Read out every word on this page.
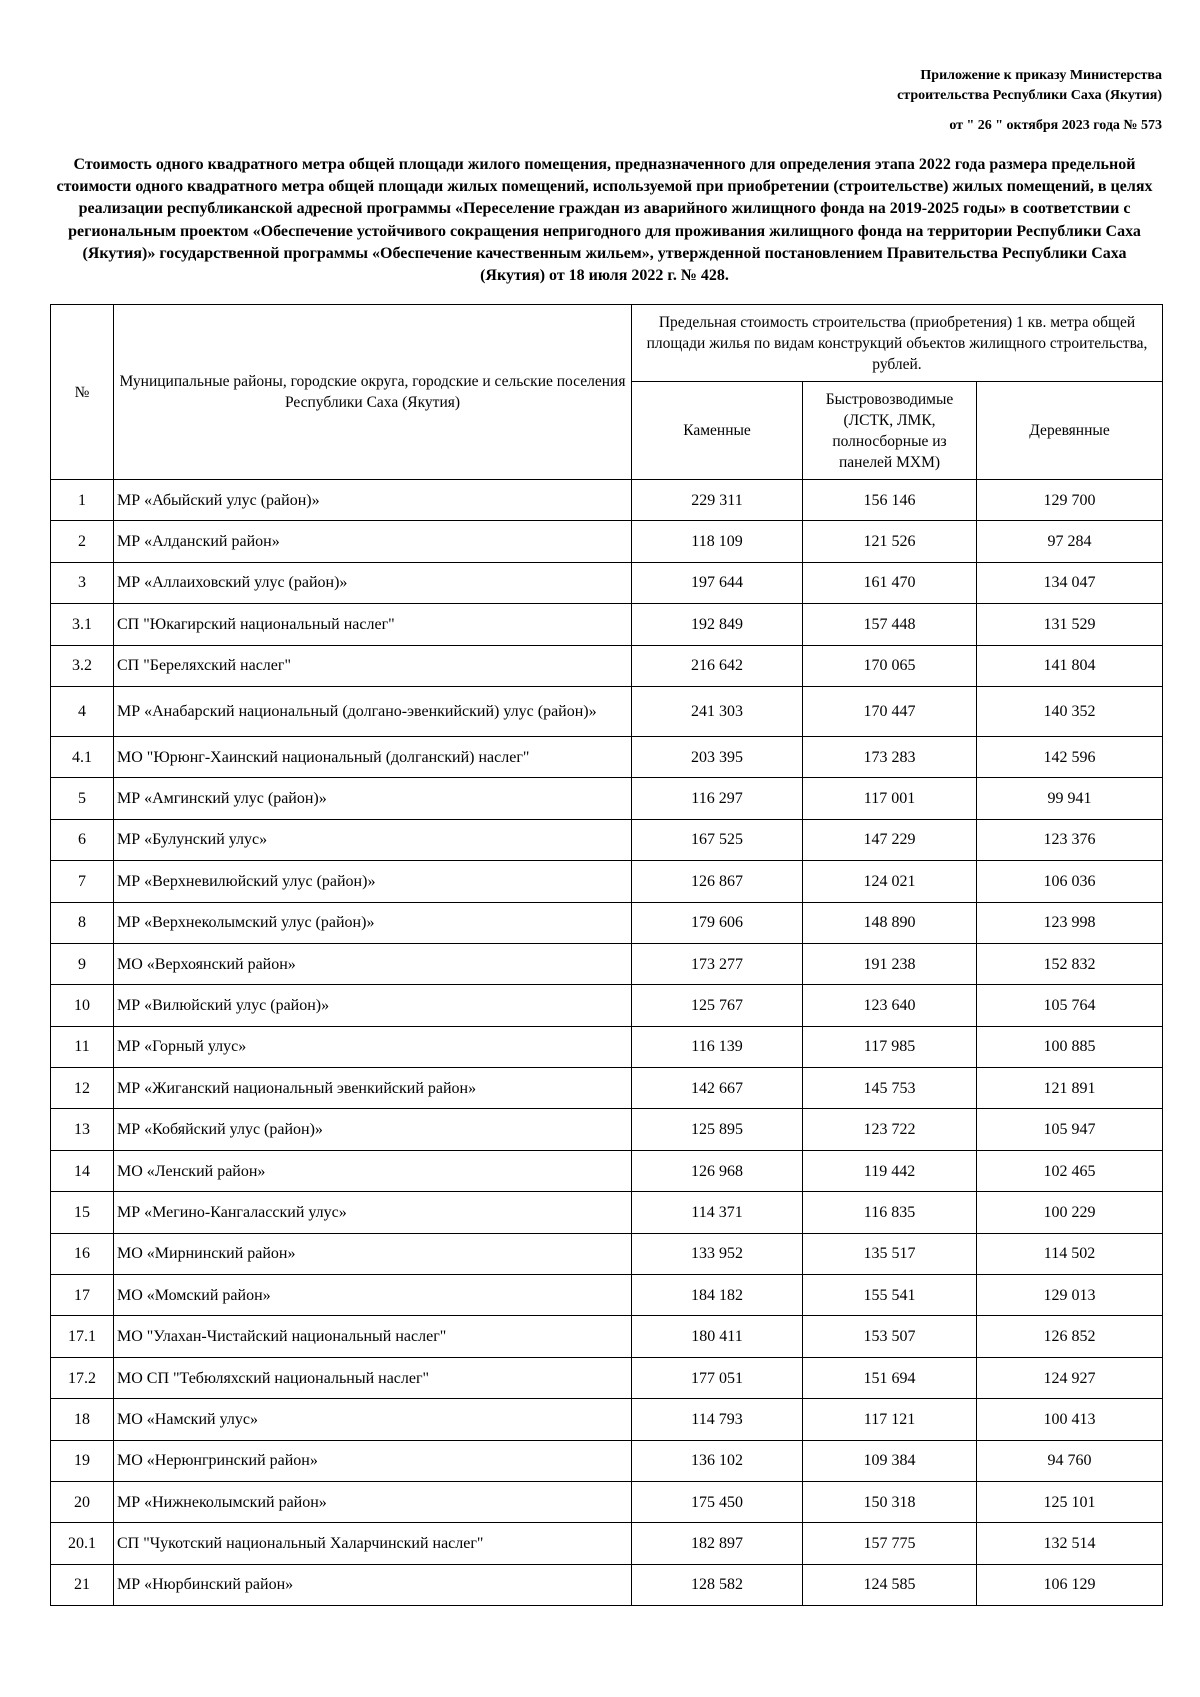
Приложение к приказу Министерства
строительства Республики Саха (Якутия)
от " 26 " октября 2023 года № 573

Стоимость одного квадратного метра общей площади жилого помещения, предназначенного для определения этапа 2022 года размера предельной стоимости одного квадратного метра общей площади жилых помещений, используемой при приобретении (строительстве) жилых помещений, в целях реализации республиканской адресной программы «Переселение граждан из аварийного жилищного фонда на 2019-2025 годы» в соответствии с региональным проектом «Обеспечение устойчивого сокращения непригодного для проживания жилищного фонда на территории Республики Саха (Якутия)» государственной программы «Обеспечение качественным жильем», утвержденной постановлением Правительства Республики Саха (Якутия) от 18 июля 2022 г. № 428.

№	Муниципальные районы, городские округа, городские и сельские поселения Республики Саха (Якутия)	Предельная стоимость строительства (приобретения) 1 кв. метра общей площади жилья по видам конструкций объектов жилищного строительства, рублей.		
		Каменные	Быстровозводимые (ЛСТК, ЛМК, полносборные из панелей МХМ)	Деревянные
1	МР «Абыйский улус (район)»	229 311	156 146	129 700
2	МР «Алданский район»	118 109	121 526	97 284
3	МР «Аллаиховский улус (район)»	197 644	161 470	134 047
3.1	СП "Юкагирский национальный наслег"	192 849	157 448	131 529
3.2	СП "Береляхский наслег"	216 642	170 065	141 804
4	МР «Анабарский национальный (долгано-эвенкийский) улус (район)»	241 303	170 447	140 352
4.1	МО "Юрюнг-Хаинский национальный (долганский) наслег"	203 395	173 283	142 596
5	МР «Амгинский улус (район)»	116 297	117 001	99 941
6	МР «Булунский улус»	167 525	147 229	123 376
7	МР «Верхневилюйский улус (район)»	126 867	124 021	106 036
8	МР «Верхнеколымский улус (район)»	179 606	148 890	123 998
9	МО «Верхоянский район»	173 277	191 238	152 832
10	МР «Вилюйский улус (район)»	125 767	123 640	105 764
11	МР «Горный улус»	116 139	117 985	100 885
12	МР «Жиганский национальный эвенкийский район»	142 667	145 753	121 891
13	МР «Кобяйский улус (район)»	125 895	123 722	105 947
14	МО «Ленский район»	126 968	119 442	102 465
15	МР «Мегино-Кангаласский улус»	114 371	116 835	100 229
16	МО «Мирнинский район»	133 952	135 517	114 502
17	МО «Момский район»	184 182	155 541	129 013
17.1	МО "Улахан-Чистайский национальный наслег"	180 411	153 507	126 852
17.2	МО СП "Тебюляхский национальный наслег"	177 051	151 694	124 927
18	МО «Намский улус»	114 793	117 121	100 413
19	МО «Нерюнгринский район»	136 102	109 384	94 760
20	МР «Нижнеколымский район»	175 450	150 318	125 101
20.1	СП "Чукотский национальный Халарчинский наслег"	182 897	157 775	132 514
21	МР «Нюрбинский район»	128 582	124 585	106 129
